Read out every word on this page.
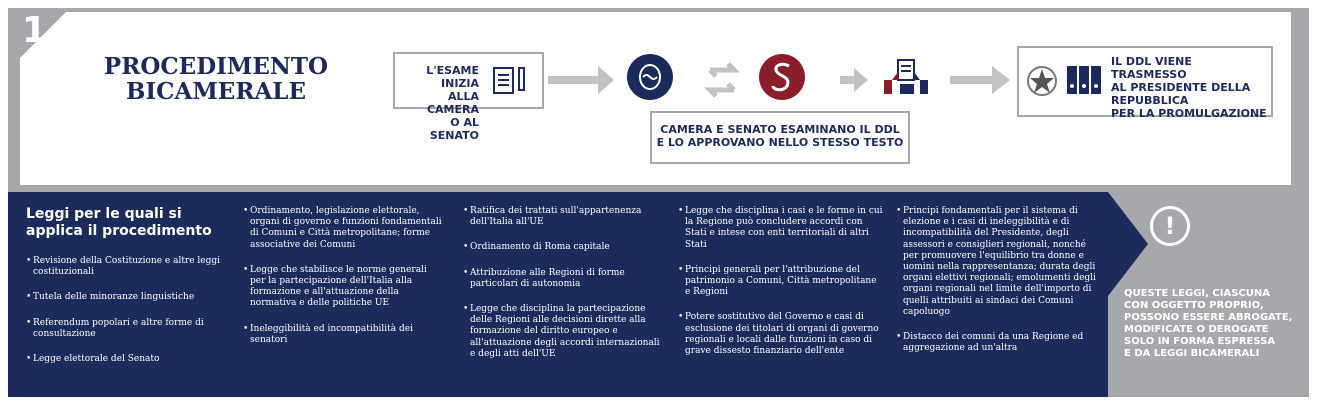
1
PROCEDIMENTO
BICAMERALE
L'ESAME INIZIA
ALLA CAMERA
O AL SENATO
IL DDL VIENE TRASMESSO
AL PRESIDENTE DELLA
REPUBBLICA
PER LA PROMULGAZIONE
CAMERA E SENATO ESAMINANO IL DDL
E LO APPROVANO NELLO STESSO TESTO
Leggi per le quali si
applica il procedimento
• Revisione della Costituzione e altre leggi costituzionali
• Tutela delle minoranze linguistiche
• Referendum popolari e altre forme di consultazione
• Legge elettorale del Senato
• Ordinamento, legislazione elettorale, organi di governo e funzioni fondamentali di Comuni e Città metropolitane; forme associative dei Comuni
• Legge che stabilisce le norme generali per la partecipazione dell'Italia alla formazione e all'attuazione della normativa e delle politiche UE
• Ineleggibilità ed incompatibilità dei senatori
• Ratifica dei trattati sull'appartenenza dell'Italia all'UE
• Ordinamento di Roma capitale
• Attribuzione alle Regioni di forme particolari di autonomia
• Legge che disciplina la partecipazione delle Regioni alle decisioni dirette alla formazione del diritto europeo e all'attuazione degli accordi internazionali e degli atti dell'UE
• Legge che disciplina i casi e le forme in cui la Regione può concludere accordi con Stati e intese con enti territoriali di altri Stati
• Principi generali per l'attribuzione del patrimonio a Comuni, Città metropolitane e Regioni
• Potere sostitutivo del Governo e casi di esclusione dei titolari di organi di governo regionali e locali dalle funzioni in caso di grave dissesto finanziario dell'ente
• Principi fondamentali per il sistema di elezione e i casi di ineleggibilità e di incompatibilità del Presidente, degli assessori e consiglieri regionali, nonché per promuovere l'equilibrio tra donne e uomini nella rappresentanza; durata degli organi elettivi regionali; emolumenti degli organi regionali nel limite dell'importo di quelli attribuiti ai sindaci dei Comuni capoluogo
• Distacco dei comuni da una Regione ed aggregazione ad un'altra
!
QUESTE LEGGI, CIASCUNA
CON OGGETTO PROPRIO,
POSSONO ESSERE ABROGATE,
MODIFICATE O DEROGATE
SOLO IN FORMA ESPRESSA
E DA LEGGI BICAMERALI
